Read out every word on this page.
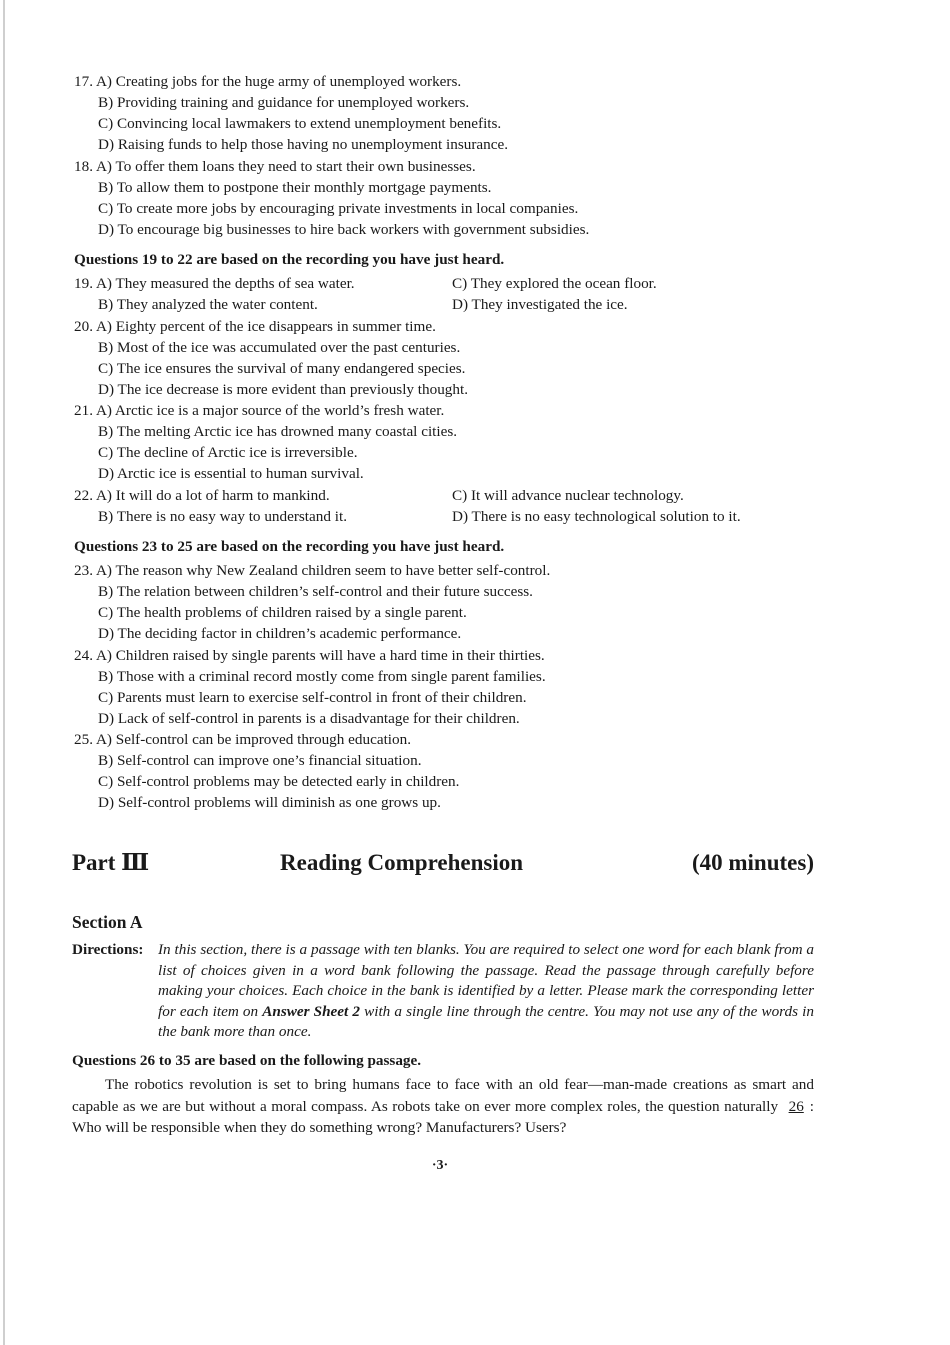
17. A) Creating jobs for the huge army of unemployed workers.
B) Providing training and guidance for unemployed workers.
C) Convincing local lawmakers to extend unemployment benefits.
D) Raising funds to help those having no unemployment insurance.
18. A) To offer them loans they need to start their own businesses.
B) To allow them to postpone their monthly mortgage payments.
C) To create more jobs by encouraging private investments in local companies.
D) To encourage big businesses to hire back workers with government subsidies.
Questions 19 to 22 are based on the recording you have just heard.
19. A) They measured the depths of sea water.	C) They explored the ocean floor.
B) They analyzed the water content.	D) They investigated the ice.
20. A) Eighty percent of the ice disappears in summer time.
B) Most of the ice was accumulated over the past centuries.
C) The ice ensures the survival of many endangered species.
D) The ice decrease is more evident than previously thought.
21. A) Arctic ice is a major source of the world’s fresh water.
B) The melting Arctic ice has drowned many coastal cities.
C) The decline of Arctic ice is irreversible.
D) Arctic ice is essential to human survival.
22. A) It will do a lot of harm to mankind.	C) It will advance nuclear technology.
B) There is no easy way to understand it.	D) There is no easy technological solution to it.
Questions 23 to 25 are based on the recording you have just heard.
23. A) The reason why New Zealand children seem to have better self-control.
B) The relation between children’s self-control and their future success.
C) The health problems of children raised by a single parent.
D) The deciding factor in children’s academic performance.
24. A) Children raised by single parents will have a hard time in their thirties.
B) Those with a criminal record mostly come from single parent families.
C) Parents must learn to exercise self-control in front of their children.
D) Lack of self-control in parents is a disadvantage for their children.
25. A) Self-control can be improved through education.
B) Self-control can improve one’s financial situation.
C) Self-control problems may be detected early in children.
D) Self-control problems will diminish as one grows up.
Part Ⅲ	Reading Comprehension	(40 minutes)
Section A
Directions: In this section, there is a passage with ten blanks. You are required to select one word for each blank from a list of choices given in a word bank following the passage. Read the passage through carefully before making your choices. Each choice in the bank is identified by a letter. Please mark the corresponding letter for each item on Answer Sheet 2 with a single line through the centre. You may not use any of the words in the bank more than once.
Questions 26 to 35 are based on the following passage.
The robotics revolution is set to bring humans face to face with an old fear—man-made creations as smart and capable as we are but without a moral compass. As robots take on ever more complex roles, the question naturally 26 : Who will be responsible when they do something wrong? Manufacturers? Users?
·3·
